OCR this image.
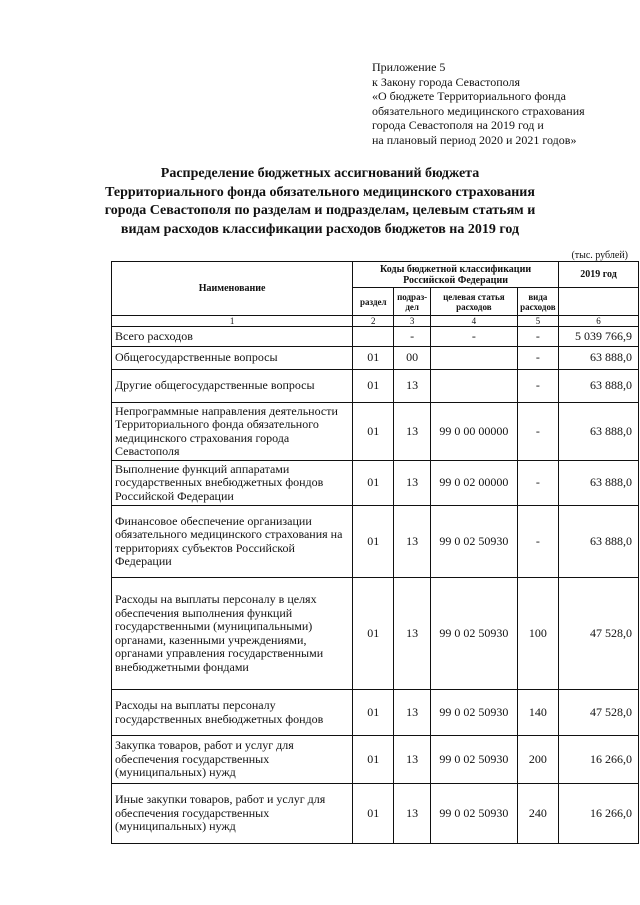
Приложение 5
к Закону города Севастополя
«О бюджете Территориального фонда
обязательного медицинского страхования
города Севастополя на 2019 год и
на плановый период 2020 и 2021 годов»
Распределение бюджетных ассигнований бюджета
Территориального фонда обязательного медицинского страхования
города Севастополя по разделам и подразделам, целевым статьям и
видам расходов классификации расходов бюджетов на 2019 год
(тыс. рублей)
Наименование	Коды бюджетной классификации Российской Федерации				2019 год
	раздел	подраз-дел	целевая статья расходов	вида расходов	
1	2	3	4	5	6
Всего расходов		-	-	-	5 039 766,9
Общегосударственные вопросы	01	00		-	63 888,0
Другие общегосударственные вопросы	01	13		-	63 888,0
Непрограммные направления деятельности Территориального фонда обязательного медицинского страхования города Севастополя	01	13	99 0 00 00000	-	63 888,0
Выполнение функций аппаратами государственных внебюджетных фондов Российской Федерации	01	13	99 0 02 00000	-	63 888,0
Финансовое обеспечение организации обязательного медицинского страхования на территориях субъектов Российской Федерации	01	13	99 0 02 50930	-	63 888,0
Расходы на выплаты персоналу в целях обеспечения выполнения функций государственными (муниципальными) органами, казенными учреждениями, органами управления государственными внебюджетными фондами	01	13	99 0 02 50930	100	47 528,0
Расходы на выплаты персоналу государственных внебюджетных фондов	01	13	99 0 02 50930	140	47 528,0
Закупка товаров, работ и услуг для обеспечения государственных (муниципальных) нужд	01	13	99 0 02 50930	200	16 266,0
Иные закупки товаров, работ и услуг для обеспечения государственных (муниципальных) нужд	01	13	99 0 02 50930	240	16 266,0
